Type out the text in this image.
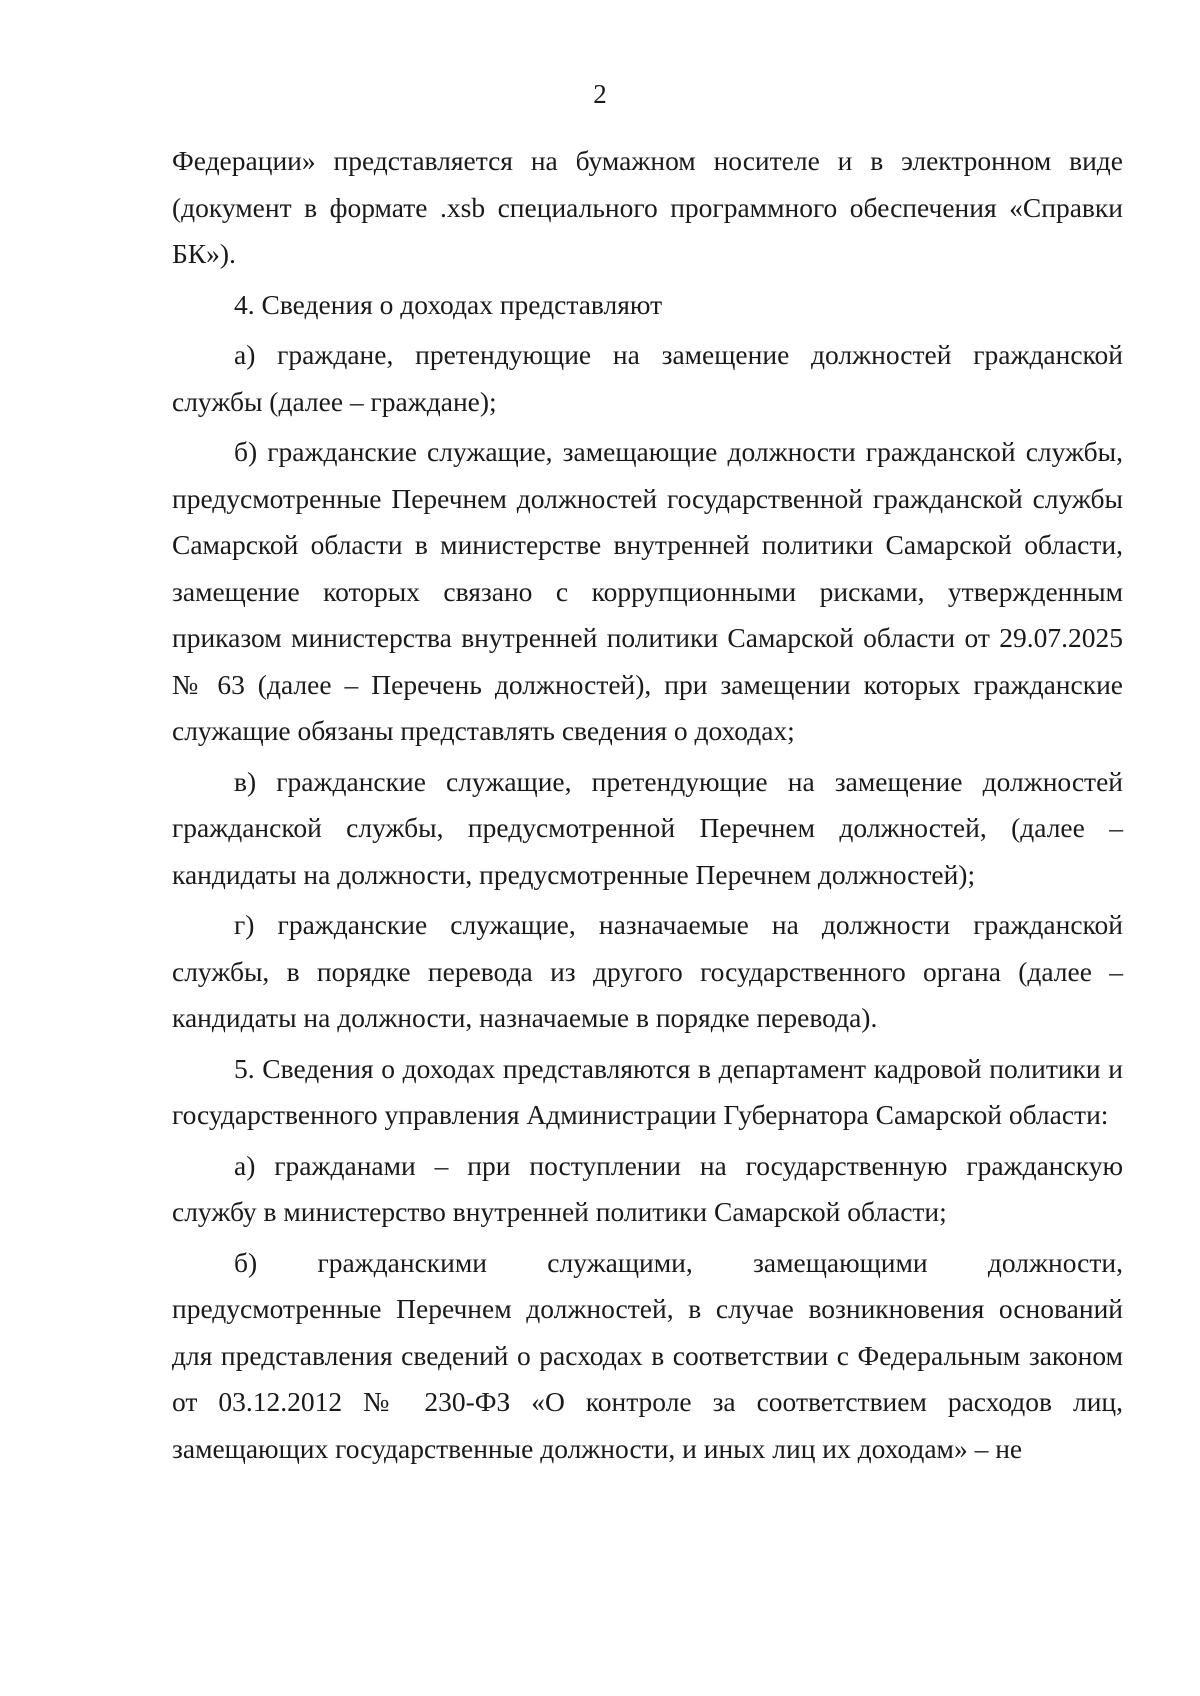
2

Федерации» представляется на бумажном носителе и в электронном виде (документ в формате .xsb специального программного обеспечения «Справки БК»).

4. Сведения о доходах представляют

а) граждане, претендующие на замещение должностей гражданской службы (далее – граждане);

б) гражданские служащие, замещающие должности гражданской службы, предусмотренные Перечнем должностей государственной гражданской службы Самарской области в министерстве внутренней политики Самарской области, замещение которых связано с коррупционными рисками, утвержденным приказом министерства внутренней политики Самарской области от 29.07.2025 № 63 (далее – Перечень должностей), при замещении которых гражданские служащие обязаны представлять сведения о доходах;

в) гражданские служащие, претендующие на замещение должностей гражданской службы, предусмотренной Перечнем должностей, (далее – кандидаты на должности, предусмотренные Перечнем должностей);

г) гражданские служащие, назначаемые на должности гражданской службы, в порядке перевода из другого государственного органа (далее – кандидаты на должности, назначаемые в порядке перевода).

5. Сведения о доходах представляются в департамент кадровой политики и государственного управления Администрации Губернатора Самарской области:

а) гражданами – при поступлении на государственную гражданскую службу в министерство внутренней политики Самарской области;

б) гражданскими служащими, замещающими должности, предусмотренные Перечнем должностей, в случае возникновения оснований для представления сведений о расходах в соответствии с Федеральным законом от 03.12.2012 № 230-ФЗ «О контроле за соответствием расходов лиц, замещающих государственные должности, и иных лиц их доходам» – не
